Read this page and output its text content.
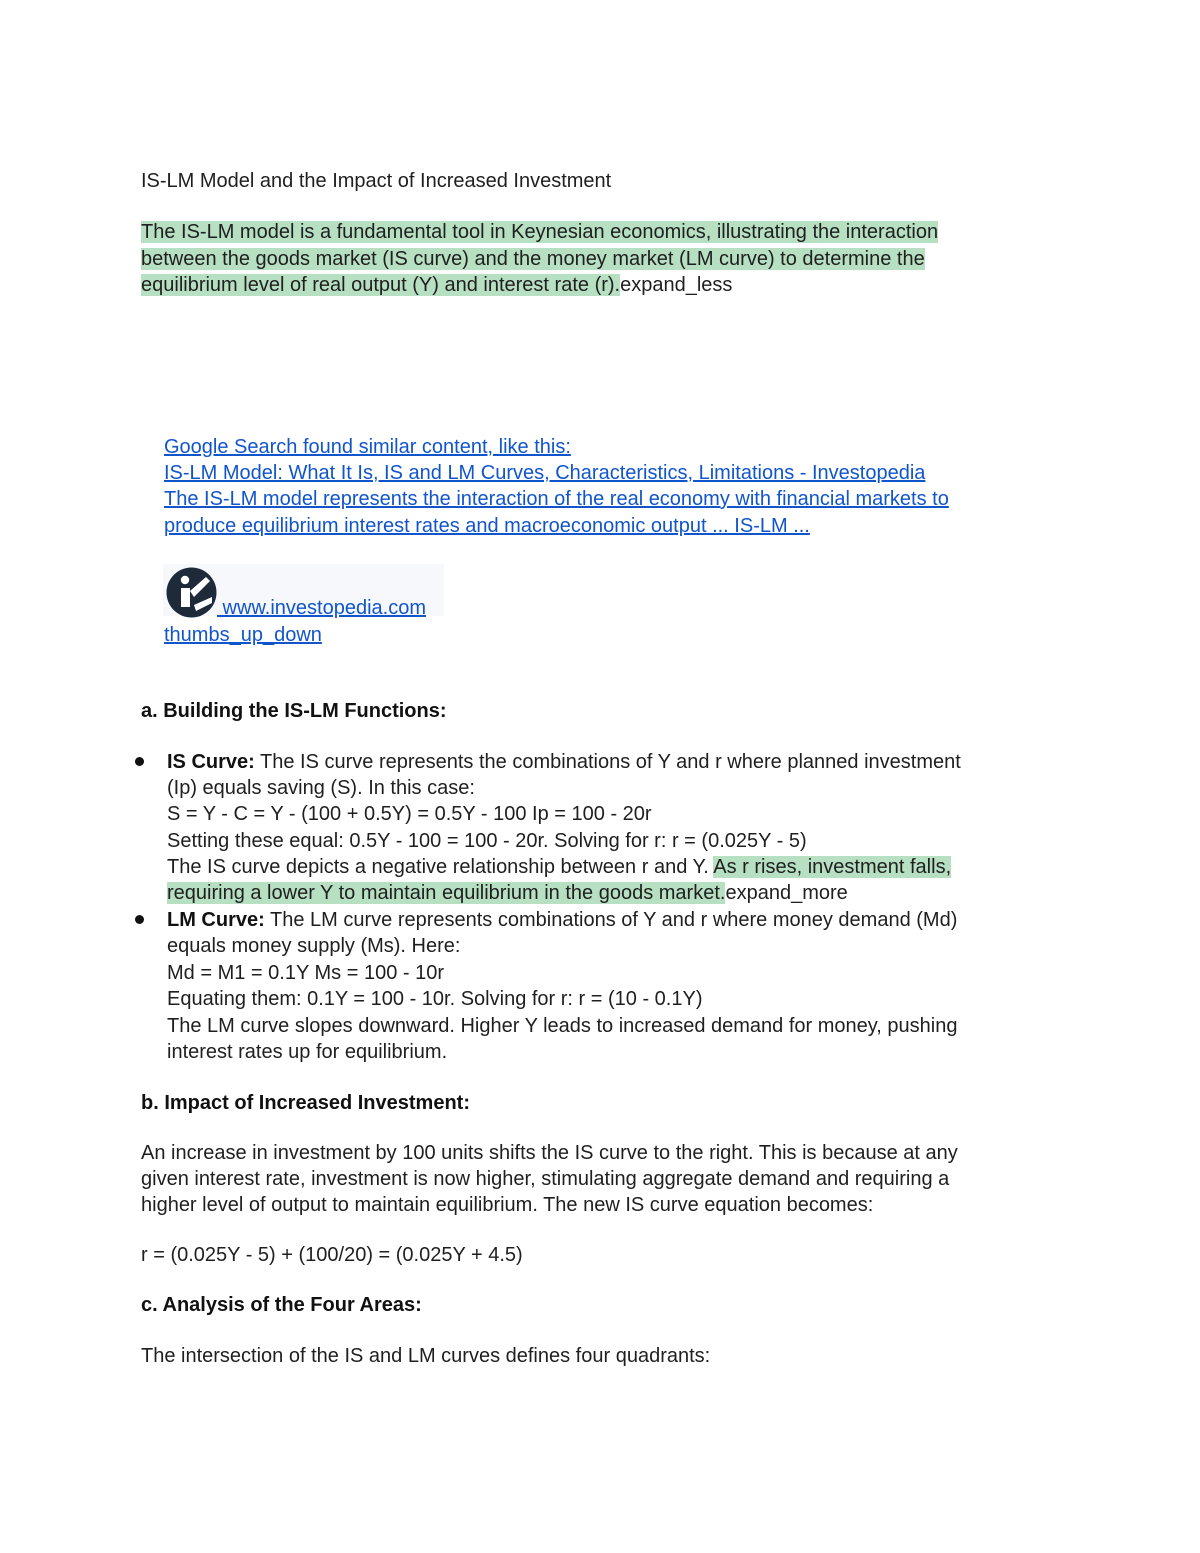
IS-LM Model and the Impact of Increased Investment
The IS-LM model is a fundamental tool in Keynesian economics, illustrating the interaction
between the goods market (IS curve) and the money market (LM curve) to determine the
equilibrium level of real output (Y) and interest rate (r).expand_less
Google Search found similar content, like this:
IS-LM Model: What It Is, IS and LM Curves, Characteristics, Limitations - Investopedia
The IS-LM model represents the interaction of the real economy with financial markets to
produce equilibrium interest rates and macroeconomic output ... IS-LM ...
www.investopedia.com
thumbs_up_down
a. Building the IS-LM Functions:
IS Curve: The IS curve represents the combinations of Y and r where planned investment
(Ip) equals saving (S). In this case:
S = Y - C = Y - (100 + 0.5Y) = 0.5Y - 100 Ip = 100 - 20r
Setting these equal: 0.5Y - 100 = 100 - 20r. Solving for r: r = (0.025Y - 5)
The IS curve depicts a negative relationship between r and Y. As r rises, investment falls,
requiring a lower Y to maintain equilibrium in the goods market.expand_more
LM Curve: The LM curve represents combinations of Y and r where money demand (Md)
equals money supply (Ms). Here:
Md = M1 = 0.1Y Ms = 100 - 10r
Equating them: 0.1Y = 100 - 10r. Solving for r: r = (10 - 0.1Y)
The LM curve slopes downward. Higher Y leads to increased demand for money, pushing
interest rates up for equilibrium.
b. Impact of Increased Investment:
An increase in investment by 100 units shifts the IS curve to the right. This is because at any
given interest rate, investment is now higher, stimulating aggregate demand and requiring a
higher level of output to maintain equilibrium. The new IS curve equation becomes:
r = (0.025Y - 5) + (100/20) = (0.025Y + 4.5)
c. Analysis of the Four Areas:
The intersection of the IS and LM curves defines four quadrants:
